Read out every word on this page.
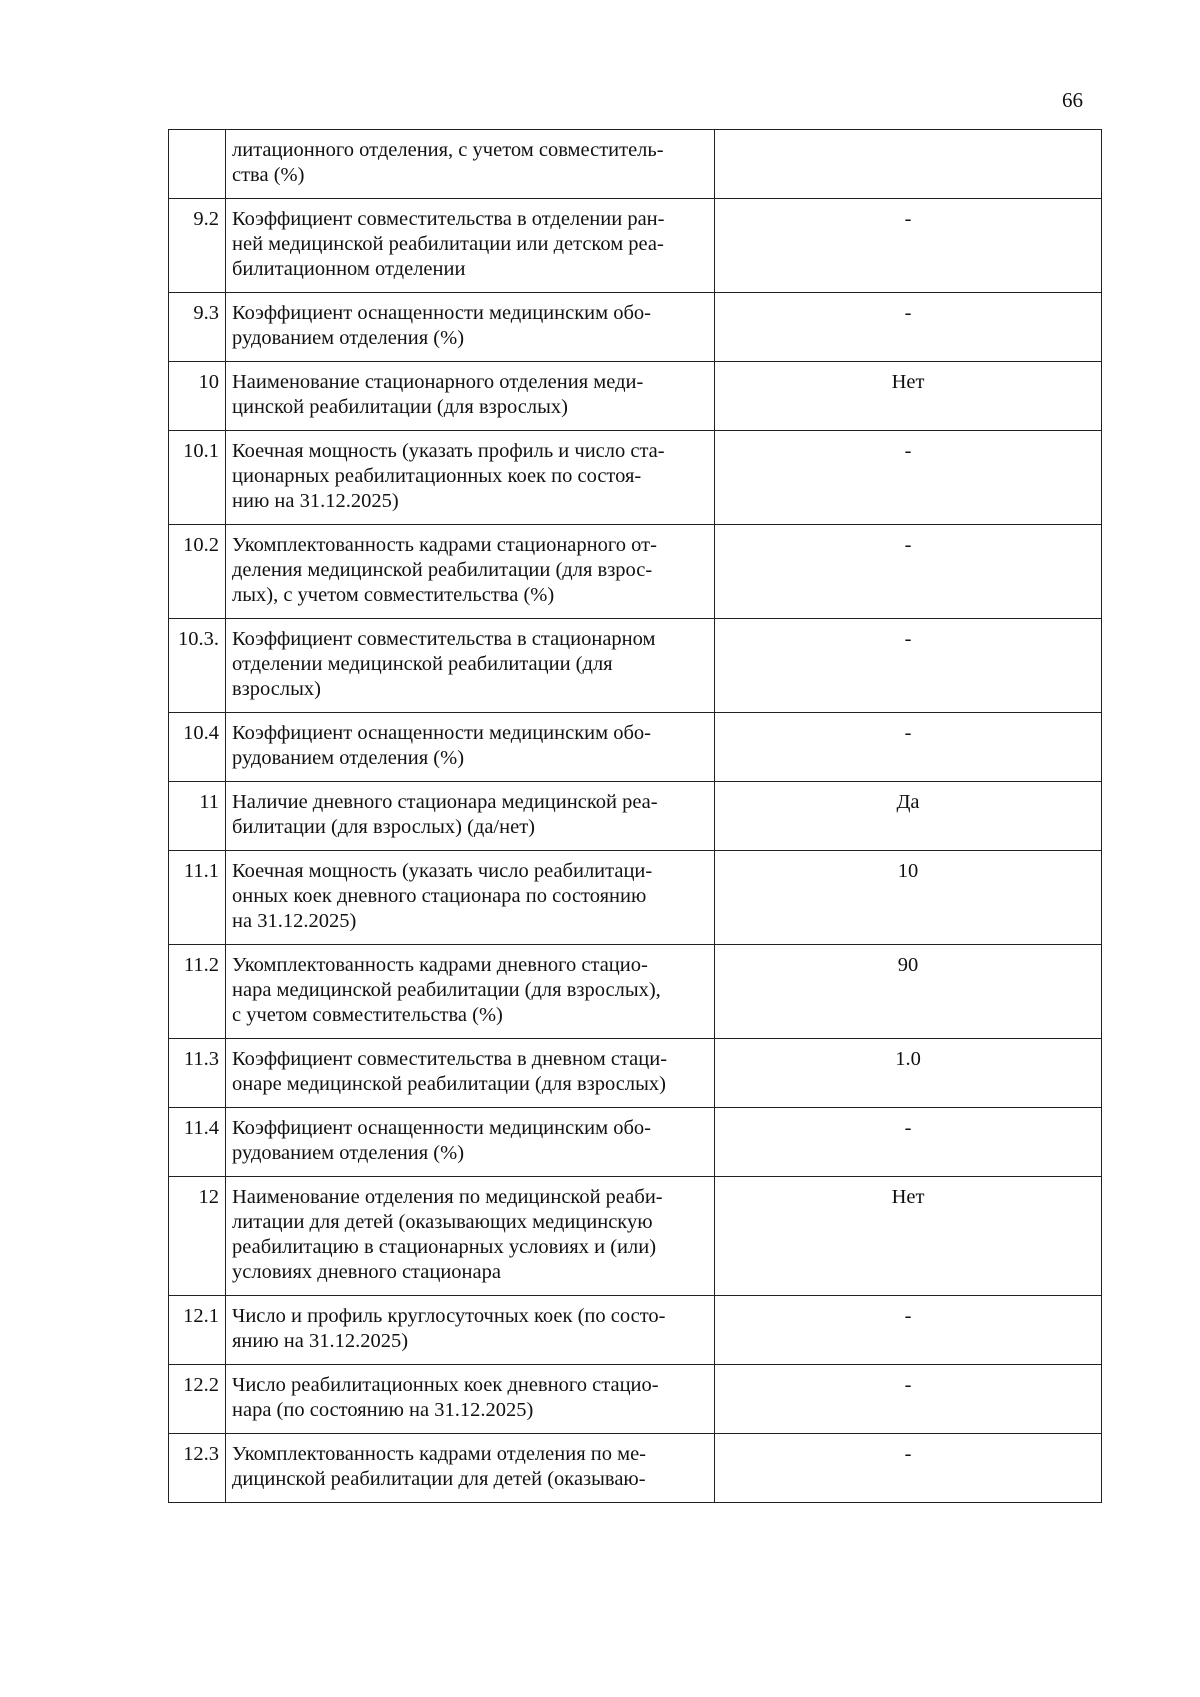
66

	литационного отделения, с учетом совместитель-
ства (%)	

9.2	Коэффициент совместительства в отделении ран-
ней медицинской реабилитации или детском реа-
билитационном отделении	-
9.3	Коэффициент оснащенности медицинским обо-
рудованием отделения (%)	-
10	Наименование стационарного отделения меди-
цинской реабилитации (для взрослых)	Нет
10.1	Коечная мощность (указать профиль и число ста-
ционарных реабилитационных коек по состоя-
нию на 31.12.2025)	-
10.2	Укомплектованность кадрами стационарного от-
деления медицинской реабилитации (для взрос-
лых), с учетом совместительства (%)	-
10.3.	Коэффициент совместительства в стационарном
отделении медицинской реабилитации (для
взрослых)	-
10.4	Коэффициент оснащенности медицинским обо-
рудованием отделения (%)	-
11	Наличие дневного стационара медицинской реа-
билитации (для взрослых) (да/нет)	Да
11.1	Коечная мощность (указать число реабилитаци-
онных коек дневного стационара по состоянию
на 31.12.2025)	10
11.2	Укомплектованность кадрами дневного стацио-
нара медицинской реабилитации (для взрослых),
с учетом совместительства (%)	90
11.3	Коэффициент совместительства в дневном стаци-
онаре медицинской реабилитации (для взрослых)	1.0
11.4	Коэффициент оснащенности медицинским обо-
рудованием отделения (%)	-
12	Наименование отделения по медицинской реаби-
литации для детей (оказывающих медицинскую
реабилитацию в стационарных условиях и (или)
условиях дневного стационара	Нет
12.1	Число и профиль круглосуточных коек (по состо-
янию на 31.12.2025)	-
12.2	Число реабилитационных коек дневного стацио-
нара (по состоянию на 31.12.2025)	-
12.3	Укомплектованность кадрами отделения по ме-
дицинской реабилитации для детей (оказываю-	-
